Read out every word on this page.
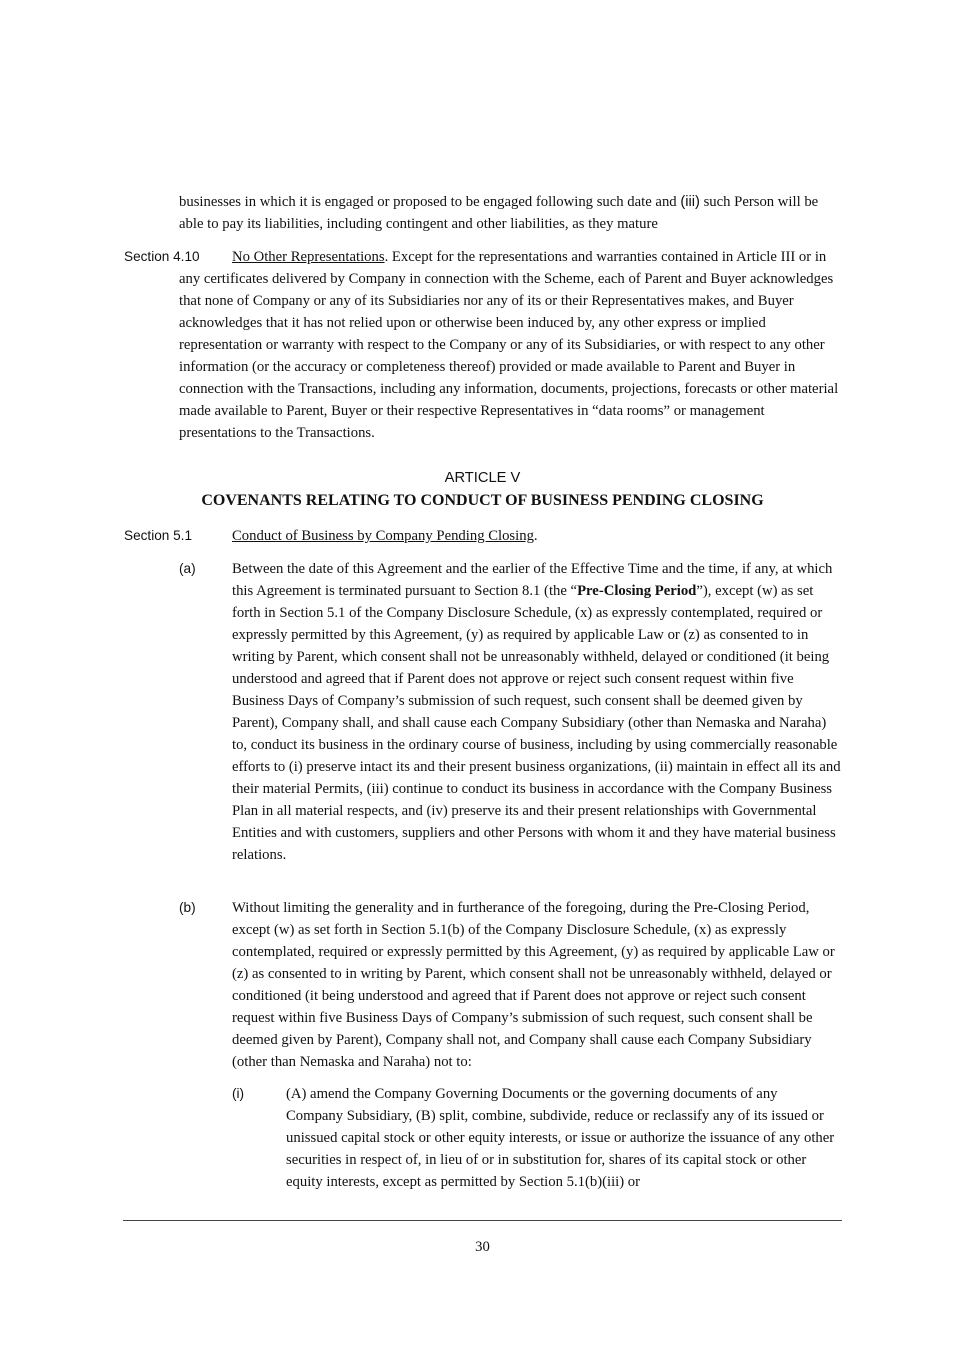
businesses in which it is engaged or proposed to be engaged following such date and (iii) such Person will be able to pay its liabilities, including contingent and other liabilities, as they mature

Section 4.10	No Other Representations. Except for the representations and warranties contained in Article III or in any certificates delivered by Company in connection with the Scheme, each of Parent and Buyer acknowledges that none of Company or any of its Subsidiaries nor any of its or their Representatives makes, and Buyer acknowledges that it has not relied upon or otherwise been induced by, any other express or implied representation or warranty with respect to the Company or any of its Subsidiaries, or with respect to any other information (or the accuracy or completeness thereof) provided or made available to Parent and Buyer in connection with the Transactions, including any information, documents, projections, forecasts or other material made available to Parent, Buyer or their respective Representatives in “data rooms” or management presentations to the Transactions.

ARTICLE V
COVENANTS RELATING TO CONDUCT OF BUSINESS PENDING CLOSING
Section 5.1	Conduct of Business by Company Pending Closing.

(a) Between the date of this Agreement and the earlier of the Effective Time and the time, if any, at which this Agreement is terminated pursuant to Section 8.1 (the “Pre-Closing Period”), except (w) as set forth in Section 5.1 of the Company Disclosure Schedule, (x) as expressly contemplated, required or expressly permitted by this Agreement, (y) as required by applicable Law or (z) as consented to in writing by Parent, which consent shall not be unreasonably withheld, delayed or conditioned (it being understood and agreed that if Parent does not approve or reject such consent request within five Business Days of Company’s submission of such request, such consent shall be deemed given by Parent), Company shall, and shall cause each Company Subsidiary (other than Nemaska and Naraha) to, conduct its business in the ordinary course of business, including by using commercially reasonable efforts to (i) preserve intact its and their present business organizations, (ii) maintain in effect all its and their material Permits, (iii) continue to conduct its business in accordance with the Company Business Plan in all material respects, and (iv) preserve its and their present relationships with Governmental Entities and with customers, suppliers and other Persons with whom it and they have material business relations.

(b) Without limiting the generality and in furtherance of the foregoing, during the Pre-Closing Period, except (w) as set forth in Section 5.1(b) of the Company Disclosure Schedule, (x) as expressly contemplated, required or expressly permitted by this Agreement, (y) as required by applicable Law or (z) as consented to in writing by Parent, which consent shall not be unreasonably withheld, delayed or conditioned (it being understood and agreed that if Parent does not approve or reject such consent request within five Business Days of Company’s submission of such request, such consent shall be deemed given by Parent), Company shall not, and Company shall cause each Company Subsidiary (other than Nemaska and Naraha) not to:

(i)	(A) amend the Company Governing Documents or the governing documents of any Company Subsidiary, (B) split, combine, subdivide, reduce or reclassify any of its issued or unissued capital stock or other equity interests, or issue or authorize the issuance of any other securities in respect of, in lieu of or in substitution for, shares of its capital stock or other equity interests, except as permitted by Section 5.1(b)(iii) or

30
